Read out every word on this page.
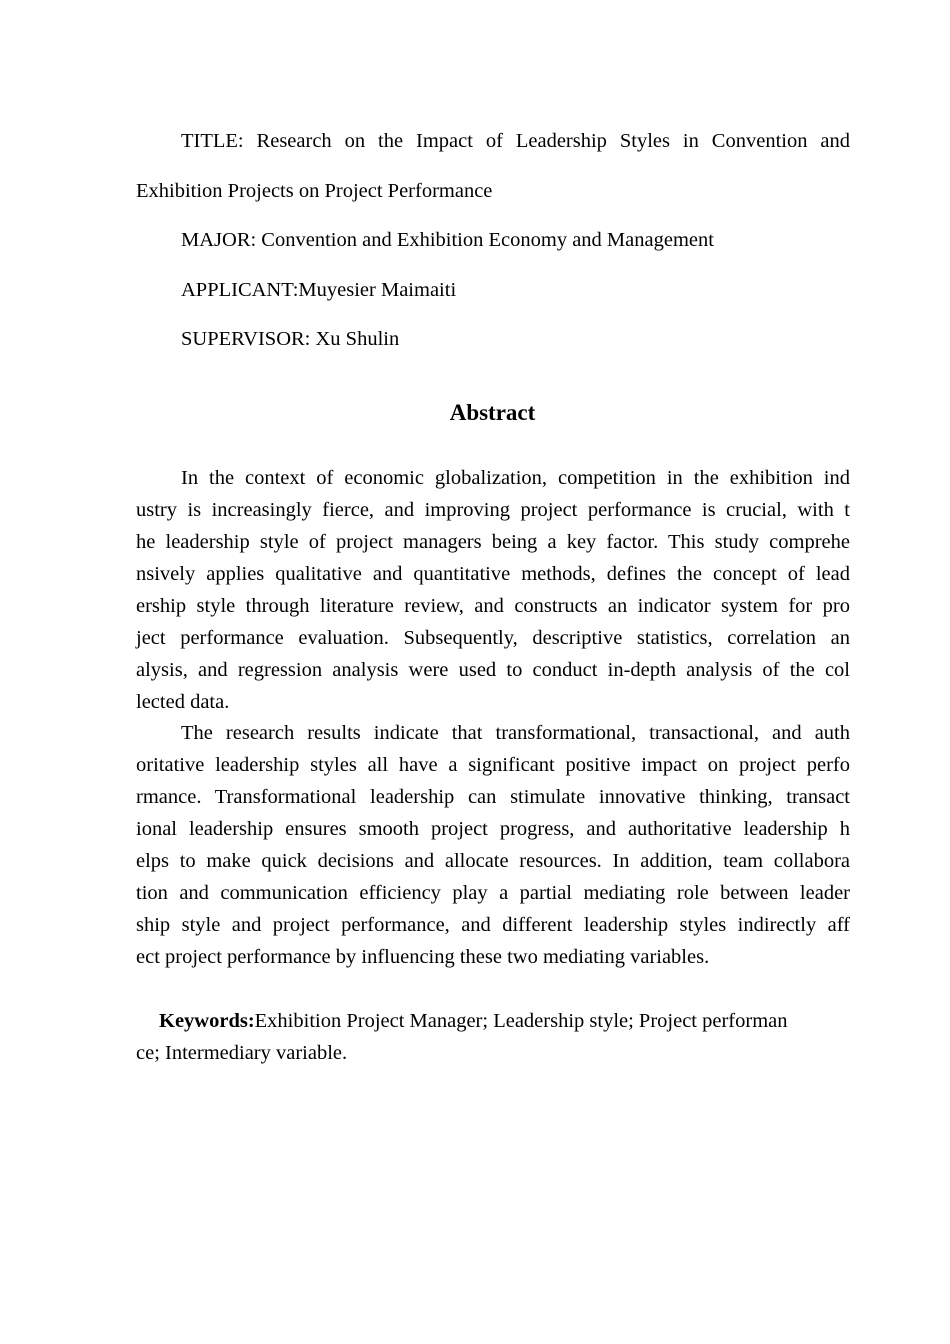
TITLE: Research on the Impact of Leadership Styles in Convention and
Exhibition Projects on Project Performance
MAJOR: Convention and Exhibition Economy and Management
APPLICANT:Muyesier Maimaiti
SUPERVISOR: Xu Shulin
Abstract
In the context of economic globalization, competition in the exhibition ind
ustry is increasingly fierce, and improving project performance is crucial, with t
he leadership style of project managers being a key factor. This study comprehe
nsively applies qualitative and quantitative methods, defines the concept of lead
ership style through literature review, and constructs an indicator system for pro
ject performance evaluation. Subsequently, descriptive statistics, correlation an
alysis, and regression analysis were used to conduct in-depth analysis of the col
lected data.
The research results indicate that transformational, transactional, and auth
oritative leadership styles all have a significant positive impact on project perfo
rmance. Transformational leadership can stimulate innovative thinking, transact
ional leadership ensures smooth project progress, and authoritative leadership h
elps to make quick decisions and allocate resources. In addition, team collabora
tion and communication efficiency play a partial mediating role between leader
ship style and project performance, and different leadership styles indirectly aff
ect project performance by influencing these two mediating variables.
Keywords:Exhibition Project Manager; Leadership style; Project performan
ce; Intermediary variable.
